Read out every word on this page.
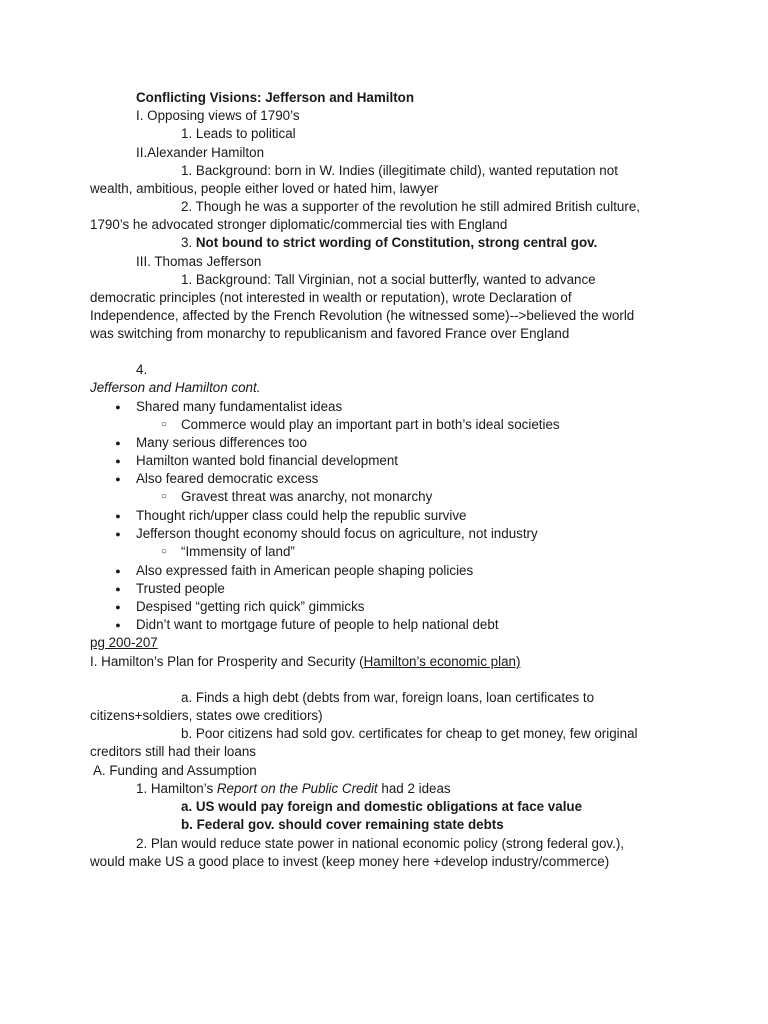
Conflicting Visions: Jefferson and Hamilton
I. Opposing views of 1790’s
1. Leads to political
II.Alexander Hamilton
1. Background: born in W. Indies (illegitimate child), wanted reputation not
wealth, ambitious, people either loved or hated him, lawyer
2. Though he was a supporter of the revolution he still admired British culture,
1790’s he advocated stronger diplomatic/commercial ties with England
3. Not bound to strict wording of Constitution, strong central gov.
III. Thomas Jefferson
1. Background: Tall Virginian, not a social butterfly, wanted to advance
democratic principles (not interested in wealth or reputation), wrote Declaration of
Independence, affected by the French Revolution (he witnessed some)-->believed the world
was switching from monarchy to republicanism and favored France over England
4.
Jefferson and Hamilton cont.
● Shared many fundamentalist ideas
○ Commerce would play an important part in both’s ideal societies
● Many serious differences too
● Hamilton wanted bold financial development
● Also feared democratic excess
○ Gravest threat was anarchy, not monarchy
● Thought rich/upper class could help the republic survive
● Jefferson thought economy should focus on agriculture, not industry
○ “Immensity of land”
● Also expressed faith in American people shaping policies
● Trusted people
● Despised “getting rich quick” gimmicks
● Didn’t want to mortgage future of people to help national debt
pg 200-207
I. Hamilton’s Plan for Prosperity and Security (Hamilton’s economic plan)
a. Finds a high debt (debts from war, foreign loans, loan certificates to
citizens+soldiers, states owe creditiors)
b. Poor citizens had sold gov. certificates for cheap to get money, few original
creditors still had their loans
A. Funding and Assumption
1. Hamilton’s Report on the Public Credit had 2 ideas
a. US would pay foreign and domestic obligations at face value
b. Federal gov. should cover remaining state debts
2. Plan would reduce state power in national economic policy (strong federal gov.),
would make US a good place to invest (keep money here +develop industry/commerce)
